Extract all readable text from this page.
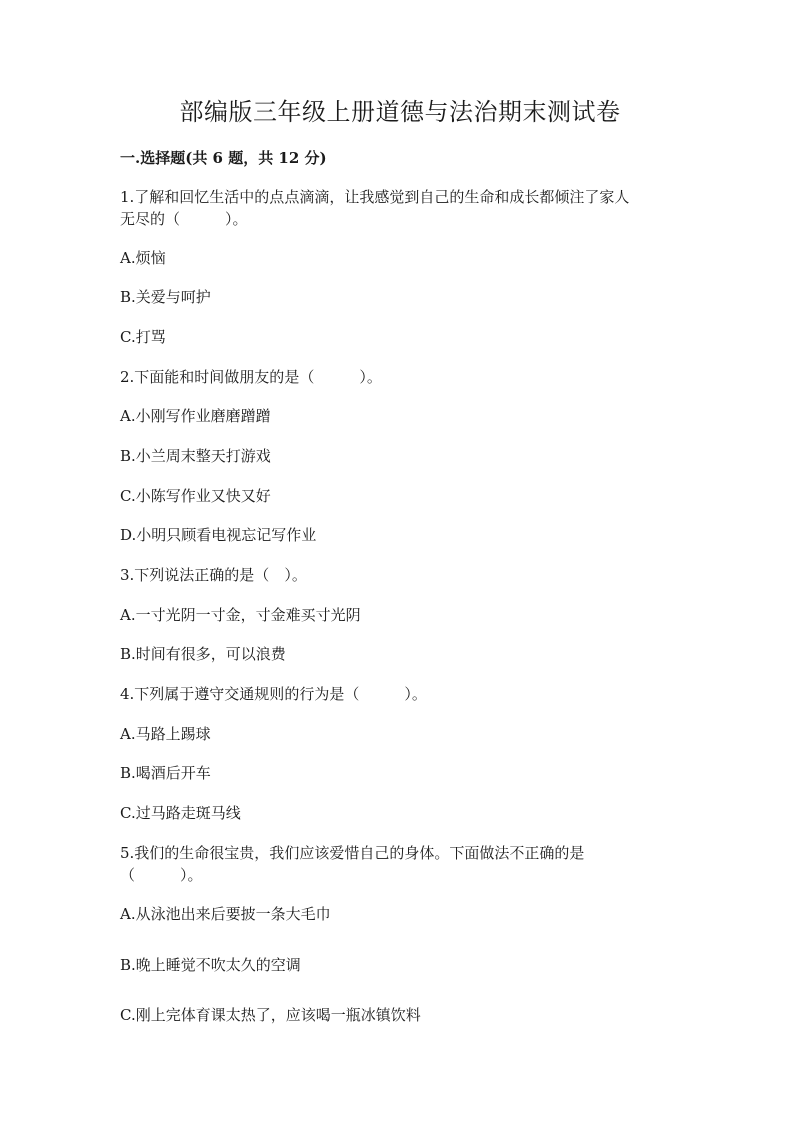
部编版三年级上册道德与法治期末测试卷
一.选择题(共 6 题，共 12 分)

1.了解和回忆生活中的点点滴滴，让我感觉到自己的生命和成长都倾注了家人

无尽的（　　　）。

A.烦恼

B.关爱与呵护

C.打骂

2.下面能和时间做朋友的是（　　　）。

A.小刚写作业磨磨蹭蹭

B.小兰周末整天打游戏

C.小陈写作业又快又好

D.小明只顾看电视忘记写作业

3.下列说法正确的是（　）。

A.一寸光阴一寸金，寸金难买寸光阴

B.时间有很多，可以浪费

4.下列属于遵守交通规则的行为是（　　　）。

A.马路上踢球

B.喝酒后开车

C.过马路走斑马线

5.我们的生命很宝贵，我们应该爱惜自己的身体。下面做法不正确的是

（　　　）。

A.从泳池出来后要披一条大毛巾

B.晚上睡觉不吹太久的空调

C.刚上完体育课太热了，应该喝一瓶冰镇饮料
